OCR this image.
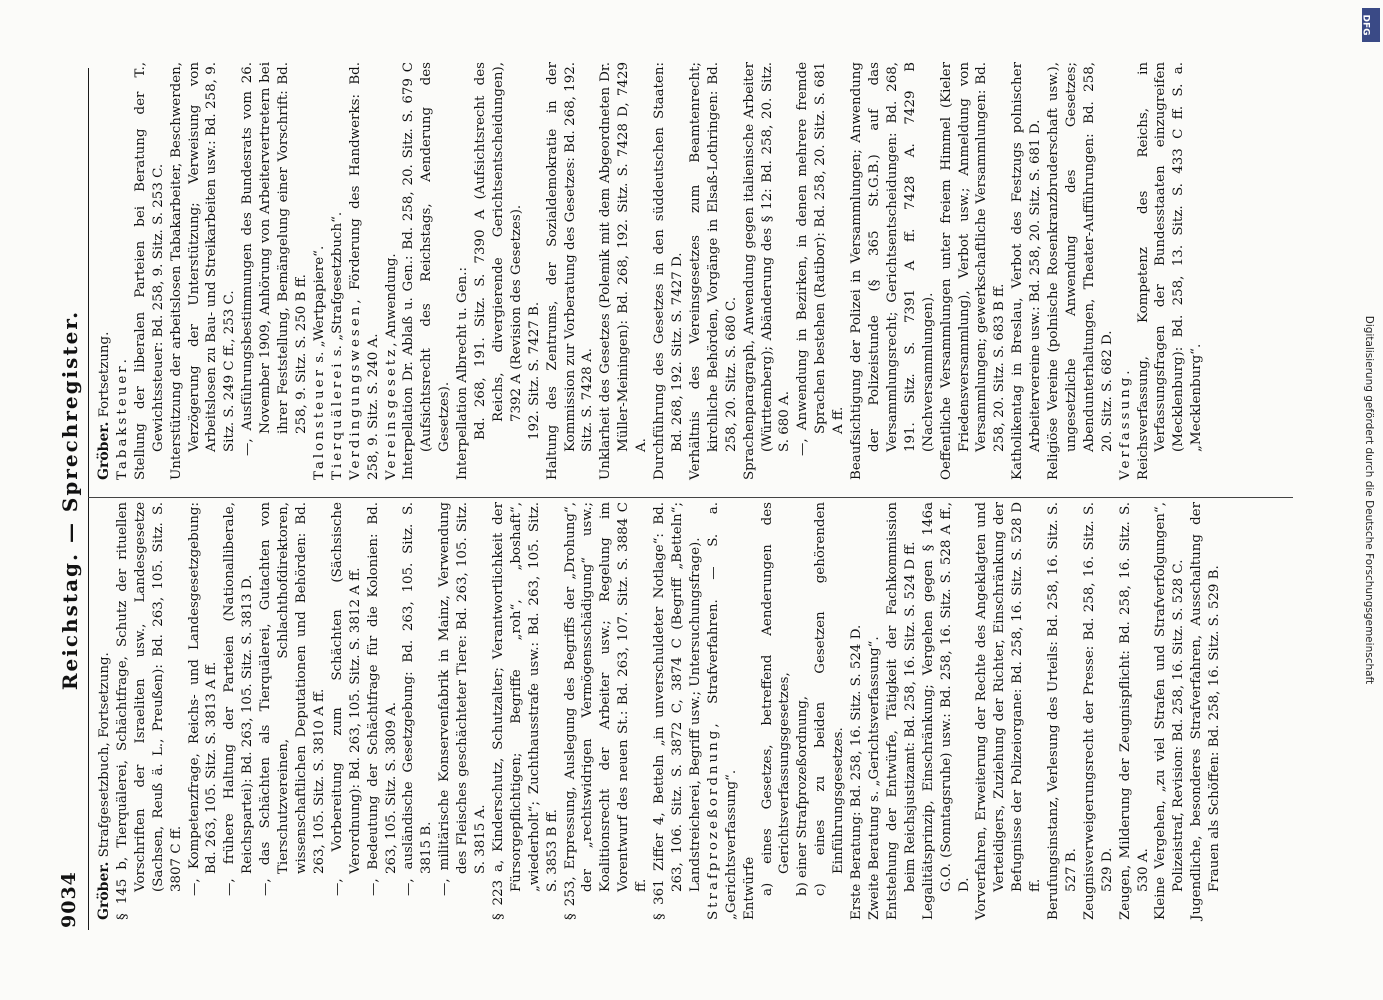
9034
Reichstag. — Sprechregister.

Gröber. Strafgesetzbuch, Fortsetzung. § 145 b, Tierquälerei, Schächtfrage, Schutz der rituellen Vorschriften der Israeliten usw., Landesgesetze (Sachsen, Reuß ä. L., Preußen): Bd. 263, 105. Sitz. S. 3807 C ff. —, Kompetenzfrage, Reichs- und Landesgesetzgebung: Bd. 263, 105. Sitz. S. 3813 A ff. —, frühere Haltung der Parteien (Nationalliberale, Reichspartei): Bd. 263, 105. Sitz. S. 3813 D. —, das Schächten als Tierquälerei, Gutachten von Tierschutzvereinen, Schlachthofdirektoren, wissenschaftlichen Deputationen und Behörden: Bd. 263, 105. Sitz. S. 3810 A ff. —, Vorbereitung zum Schächten (Sächsische Verordnung): Bd. 263, 105. Sitz. S. 3812 A ff. —, Bedeutung der Schächtfrage für die Kolonien: Bd. 263, 105. Sitz. S. 3809 A. —, ausländische Gesetzgebung: Bd. 263, 105. Sitz. S. 3815 B. —, militärische Konservenfabrik in Mainz, Verwendung des Fleisches geschächteter Tiere: Bd. 263, 105. Sitz. S. 3815 A. § 223 a, Kinderschutz, Schutzalter; Verantwortlichkeit der Fürsorgepflichtigen; Begriffe „roh“, „boshaft“, „wiederholt“; Zuchthausstrafe usw.: Bd. 263, 105. Sitz. S. 3853 B ff. § 253, Erpressung, Auslegung des Begriffs der „Drohung“, der „rechtswidrigen Vermögensschädigung“ usw.; Koalitionsrecht der Arbeiter usw.; Regelung im Vorentwurf des neuen St.: Bd. 263, 107. Sitz. S. 3884 C ff. § 361 Ziffer 4, Betteln „in unverschuldeter Notlage“: Bd. 263, 106. Sitz. S. 3872 C, 3874 C (Begriff „Betteln“; Landstreicherei, Begriff usw.; Untersuchungsfrage). Strafprozeßordnung, Strafverfahren. — S. a. „Gerichtsverfassung“. Entwürfe a) eines Gesetzes, betreffend Aenderungen des Gerichtsverfassungsgesetzes, b) einer Strafprozeßordnung, c) eines zu beiden Gesetzen gehörenden Einführungsgesetzes. Erste Beratung: Bd. 258, 16. Sitz. S. 524 D. Zweite Beratung s. „Gerichtsverfassung“. Entstehung der Entwürfe, Tätigkeit der Fachkommission beim Reichsjustizamt: Bd. 258, 16. Sitz. S. 524 D ff. Legalitätsprinzip, Einschränkung; Vergehen gegen § 146a G.O. (Sonntagsruhe) usw.: Bd. 258, 16. Sitz. S. 528 A ff., D. Vorverfahren, Erweiterung der Rechte des Angeklagten und Verteidigers, Zuziehung der Richter, Einschränkung der Befugnisse der Polizeiorgane: Bd. 258, 16. Sitz. S. 528 D ff. Berufungsinstanz, Verlesung des Urteils: Bd. 258, 16. Sitz. S. 527 B. Zeugnisverweigerungsrecht der Presse: Bd. 258, 16. Sitz. S. 529 D. Zeugen, Milderung der Zeugnispflicht: Bd. 258, 16. Sitz. S. 530 A. Kleine Vergehen, „zu viel Strafen und Strafverfolgungen“, Polizeistraf, Revision: Bd. 258, 16. Sitz. S. 528 C. Jugendliche, besonderes Strafverfahren, Ausschaltung der Frauen als Schöffen: Bd. 258, 16. Sitz. S. 529 B.

Gröber. Fortsetzung. Tabaksteuer. Stellung der liberalen Parteien bei Beratung der T., Gewichtssteuer: Bd. 258, 9. Sitz. S. 253 C. Unterstützung der arbeitslosen Tabakarbeiter, Beschwerden, Verzögerung der Unterstützung; Verweisung von Arbeitslosen zu Bau- und Streikarbeiten usw.: Bd. 258, 9. Sitz. S. 249 C ff., 253 C. —, Ausführungsbestimmungen des Bundesrats vom 26. November 1909, Anhörung von Arbeitervertretern bei ihrer Feststellung, Bemängelung einer Vorschrift: Bd. 258, 9. Sitz. S. 250 B ff. Talonsteuer s. „Wertpapiere“.

Tierquälerei s. „Strafgesetzbuch“.

Verdingungswesen, Förderung des Handwerks: Bd. 258, 9. Sitz. S. 240 A. Vereinsgesetz, Anwendung. Interpellation Dr. Ablaß u. Gen.: Bd. 258, 20. Sitz. S. 679 C (Aufsichtsrecht des Reichstags, Aenderung des Gesetzes). Interpellation Albrecht u. Gen.: Bd. 268, 191. Sitz. S. 7390 A (Aufsichtsrecht des Reichs, divergierende Gerichtsentscheidungen), 7392 A (Revision des Gesetzes). 192. Sitz. S. 7427 B. Haltung des Zentrums, der Sozialdemokratie in der Kommission zur Vorberatung des Gesetzes: Bd. 268, 192. Sitz. S. 7428 A. Unklarheit des Gesetzes (Polemik mit dem Abgeordneten Dr. Müller-Meiningen): Bd. 268, 192. Sitz. S. 7428 D, 7429 A. Durchführung des Gesetzes in den süddeutschen Staaten: Bd. 268, 192. Sitz. S. 7427 D. Verhältnis des Vereinsgesetzes zum Beamtenrecht; kirchliche Behörden, Vorgänge in Elsaß-Lothringen: Bd. 258, 20. Sitz. S. 680 C. Sprachenparagraph, Anwendung gegen italienische Arbeiter (Württemberg); Abänderung des § 12: Bd. 258, 20. Sitz. S. 680 A. —, Anwendung in Bezirken, in denen mehrere fremde Sprachen bestehen (Ratibor): Bd. 258, 20. Sitz. S. 681 A ff. Beaufsichtigung der Polizei in Versammlungen; Anwendung der Polizeistunde (§ 365 St.G.B.) auf das Versammlungsrecht; Gerichtsentscheidungen: Bd. 268, 191. Sitz. S. 7391 A ff. 7428 A. 7429 B (Nachversammlungen). Oeffentliche Versammlungen unter freiem Himmel (Kieler Friedensversammlung), Verbot usw.; Anmeldung von Versammlungen; gewerkschaftliche Versammlungen: Bd. 258, 20. Sitz. S. 683 B ff. Katholikentag in Breslau, Verbot des Festzugs polnischer Arbeitervereine usw.: Bd. 258, 20. Sitz. S. 681 D. Religiöse Vereine (polnische Rosenkranzbruderschaft usw.), ungesetzliche Anwendung des Gesetzes; Abendunterhaltungen, Theater-Aufführungen: Bd. 258, 20. Sitz. S. 682 D. Verfassung. Reichsverfassung, Kompetenz des Reichs, in Verfassungsfragen der Bundesstaaten einzugreifen (Mecklenburg): Bd. 258, 13. Sitz. S. 433 C ff. S. a. „Mecklenburg“.	Digitalisierung gefördert durch die Deutsche Forschungsgemeinschaft
DFG
